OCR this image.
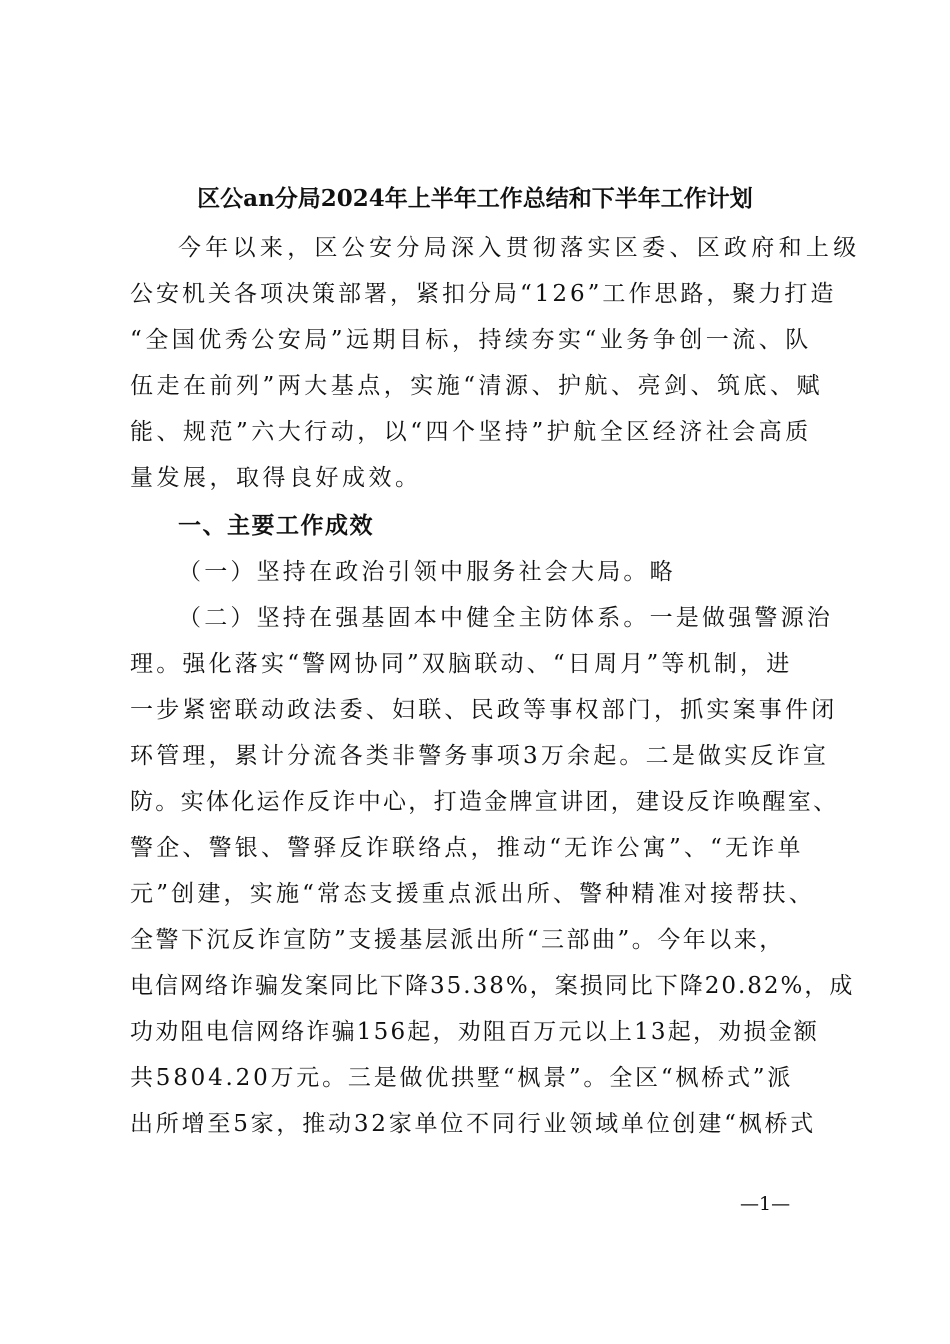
区公an分局2024年上半年工作总结和下半年工作计划
今年以来，区公安分局深入贯彻落实区委、区政府和上级
公安机关各项决策部署，紧扣分局“126”工作思路，聚力打造
“全国优秀公安局”远期目标，持续夯实“业务争创一流、队
伍走在前列”两大基点，实施“清源、护航、亮剑、筑底、赋
能、规范”六大行动，以“四个坚持”护航全区经济社会高质
量发展，取得良好成效。
一、主要工作成效
（一）坚持在政治引领中服务社会大局。略
（二）坚持在强基固本中健全主防体系。一是做强警源治
理。强化落实“警网协同”双脑联动、“日周月”等机制，进
一步紧密联动政法委、妇联、民政等事权部门，抓实案事件闭
环管理，累计分流各类非警务事项3万余起。二是做实反诈宣
防。实体化运作反诈中心，打造金牌宣讲团，建设反诈唤醒室、
警企、警银、警驿反诈联络点，推动“无诈公寓”、“无诈单
元”创建，实施“常态支援重点派出所、警种精准对接帮扶、
全警下沉反诈宣防”支援基层派出所“三部曲”。今年以来，
电信网络诈骗发案同比下降35.38%，案损同比下降20.82%，成
功劝阻电信网络诈骗156起，劝阻百万元以上13起，劝损金额
共5804.20万元。三是做优拱墅“枫景”。全区“枫桥式”派
出所增至5家，推动32家单位不同行业领域单位创建“枫桥式
—1—
